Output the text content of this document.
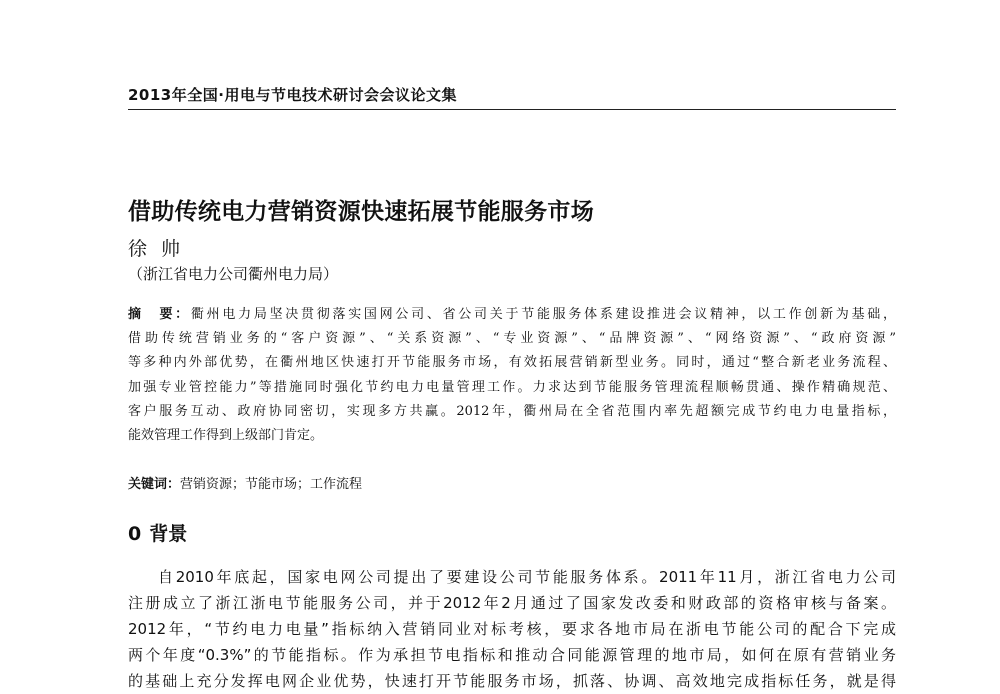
2013年全国·用电与节电技术研讨会会议论文集
借助传统电力营销资源快速拓展节能服务市场
徐帅
（浙江省电力公司衢州电力局）

摘　要：衢州电力局坚决贯彻落实国网公司、省公司关于节能服务体系建设推进会议精神，以工作创新为基础，

借助传统营销业务的“客户资源”、“关系资源”、“专业资源”、“品牌资源”、“网络资源”、“政府资源”

等多种内外部优势，在衢州地区快速打开节能服务市场，有效拓展营销新型业务。同时，通过“整合新老业务流程、

加强专业管控能力”等措施同时强化节约电力电量管理工作。力求达到节能服务管理流程顺畅贯通、操作精确规范、

客户服务互动、政府协同密切，实现多方共赢。2012年，衢州局在全省范围内率先超额完成节约电力电量指标，

能效管理工作得到上级部门肯定。

关键词：营销资源；节能市场；工作流程
0 背景

自2010年底起，国家电网公司提出了要建设公司节能服务体系。2011年11月，浙江省电力公司

注册成立了浙江浙电节能服务公司，并于2012年2月通过了国家发改委和财政部的资格审核与备案。

2012年，“节约电力电量”指标纳入营销同业对标考核，要求各地市局在浙电节能公司的配合下完成

两个年度“0.3%”的节能指标。作为承担节电指标和推动合同能源管理的地市局，如何在原有营销业务

的基础上充分发挥电网企业优势，快速打开节能服务市场，抓落、协调、高效地完成指标任务，就是得
